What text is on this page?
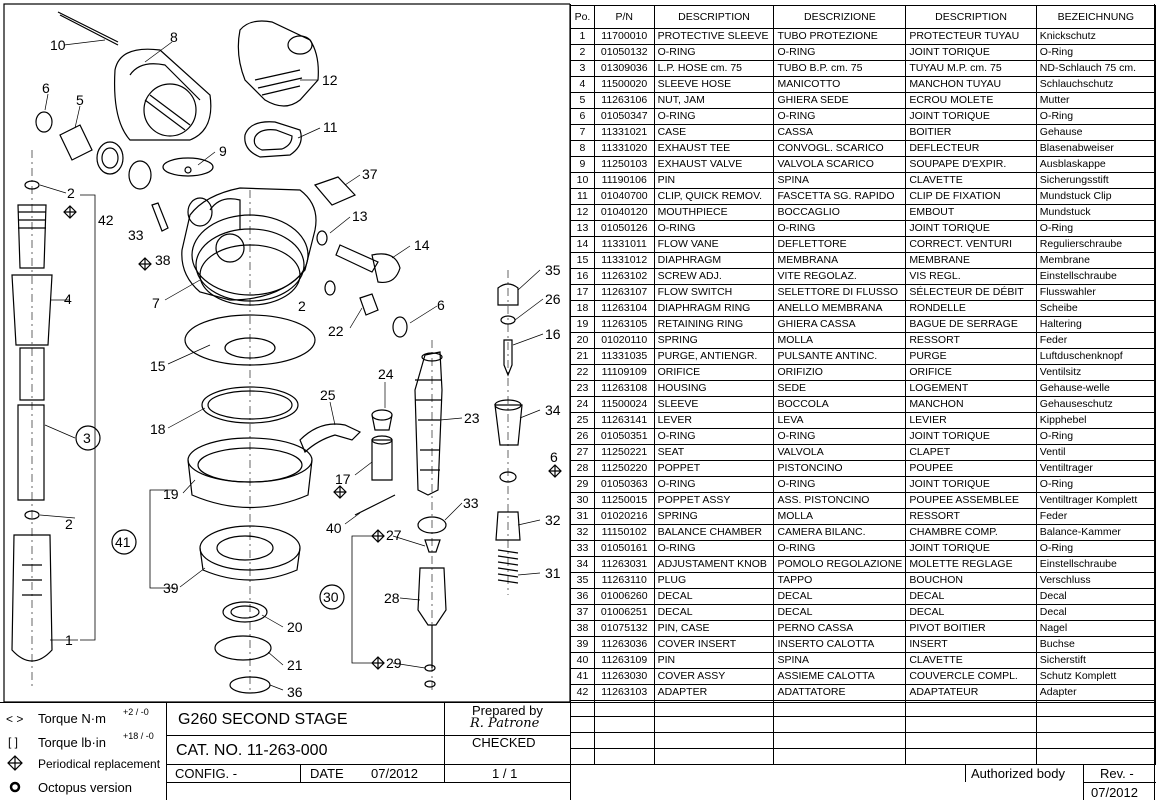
10	8
6
5
12
11
9
37
2
42
33
13
14
38
4	7	2
35
26
6
22	16
15	24
25
18
23	34
3
17
6
33
40	32
19
2
41	27
31
39
30	28
20
29
1
21
36
Po.	P/N	DESCRIPTION	DESCRIZIONE	DESCRIPTION	BEZEICHNUNG
1	11700010	PROTECTIVE SLEEVE	TUBO PROTEZIONE	PROTECTEUR TUYAU	Knickschutz
2	01050132	O-RING	O-RING	JOINT TORIQUE	O-Ring
3	01309036	L.P. HOSE cm. 75	TUBO B.P. cm. 75	TUYAU M.P. cm. 75	ND-Schlauch 75 cm.
4	11500020	SLEEVE HOSE	MANICOTTO	MANCHON TUYAU	Schlauchschutz
5	11263106	NUT, JAM	GHIERA SEDE	ECROU MOLETE	Mutter
6	01050347	O-RING	O-RING	JOINT TORIQUE	O-Ring
7	11331021	CASE	CASSA	BOITIER	Gehause
8	11331020	EXHAUST TEE	CONVOGL. SCARICO	DEFLECTEUR	Blasenabweiser
9	11250103	EXHAUST VALVE	VALVOLA SCARICO	SOUPAPE D'EXPIR.	Ausblaskappe
10	11190106	PIN	SPINA	CLAVETTE	Sicherungsstift
11	01040700	CLIP, QUICK REMOV.	FASCETTA SG. RAPIDO	CLIP DE FIXATION	Mundstuck Clip
12	01040120	MOUTHPIECE	BOCCAGLIO	EMBOUT	Mundstuck
13	01050126	O-RING	O-RING	JOINT TORIQUE	O-Ring
14	11331011	FLOW VANE	DEFLETTORE	CORRECT. VENTURI	Regulierschraube
15	11331012	DIAPHRAGM	MEMBRANA	MEMBRANE	Membrane
16	11263102	SCREW ADJ.	VITE REGOLAZ.	VIS REGL.	Einstellschraube
17	11263107	FLOW SWITCH	SELETTORE DI FLUSSO	SÉLECTEUR DE DÉBIT	Flusswahler
18	11263104	DIAPHRAGM RING	ANELLO MEMBRANA	RONDELLE	Scheibe
19	11263105	RETAINING RING	GHIERA CASSA	BAGUE DE SERRAGE	Haltering
20	01020110	SPRING	MOLLA	RESSORT	Feder
21	11331035	PURGE, ANTIENGR.	PULSANTE ANTINC.	PURGE	Luftduschenknopf
22	11109109	ORIFICE	ORIFIZIO	ORIFICE	Ventilsitz
23	11263108	HOUSING	SEDE	LOGEMENT	Gehause-welle
24	11500024	SLEEVE	BOCCOLA	MANCHON	Gehauseschutz
25	11263141	LEVER	LEVA	LEVIER	Kipphebel
26	01050351	O-RING	O-RING	JOINT TORIQUE	O-Ring
27	11250221	SEAT	VALVOLA	CLAPET	Ventil
28	11250220	POPPET	PISTONCINO	POUPEE	Ventiltrager
29	01050363	O-RING	O-RING	JOINT TORIQUE	O-Ring
30	11250015	POPPET ASSY	ASS. PISTONCINO	POUPEE ASSEMBLEE	Ventiltrager Komplett
31	01020216	SPRING	MOLLA	RESSORT	Feder
32	11150102	BALANCE CHAMBER	CAMERA BILANC.	CHAMBRE COMP.	Balance-Kammer
33	01050161	O-RING	O-RING	JOINT TORIQUE	O-Ring
34	11263031	ADJUSTAMENT KNOB	POMOLO REGOLAZIONE	MOLETTE REGLAGE	Einstellschraube
35	11263110	PLUG	TAPPO	BOUCHON	Verschluss
36	01006260	DECAL	DECAL	DECAL	Decal
37	01006251	DECAL	DECAL	DECAL	Decal
38	01075132	PIN, CASE	PERNO CASSA	PIVOT BOITIER	Nagel
39	11263036	COVER INSERT	INSERTO CALOTTA	INSERT	Buchse
40	11263109	PIN	SPINA	CLAVETTE	Sicherstift
41	11263030	COVER ASSY	ASSIEME CALOTTA	COUVERCLE COMPL.	Schutz Komplett
42	11263103	ADAPTER	ADATTATORE	ADAPTATEUR	Adapter

< > Torque N·m +2 / -0
[ ] Torque lb·in +18 / -0
Periodical replacement
Octopus version
G260 SECOND STAGE
CAT. NO. 11-263-000
Prepared by
R. Patrone
CHECKED
CONFIG. -	DATE 07/2012	1 / 1	Authorized body	Rev. -
07/2012
